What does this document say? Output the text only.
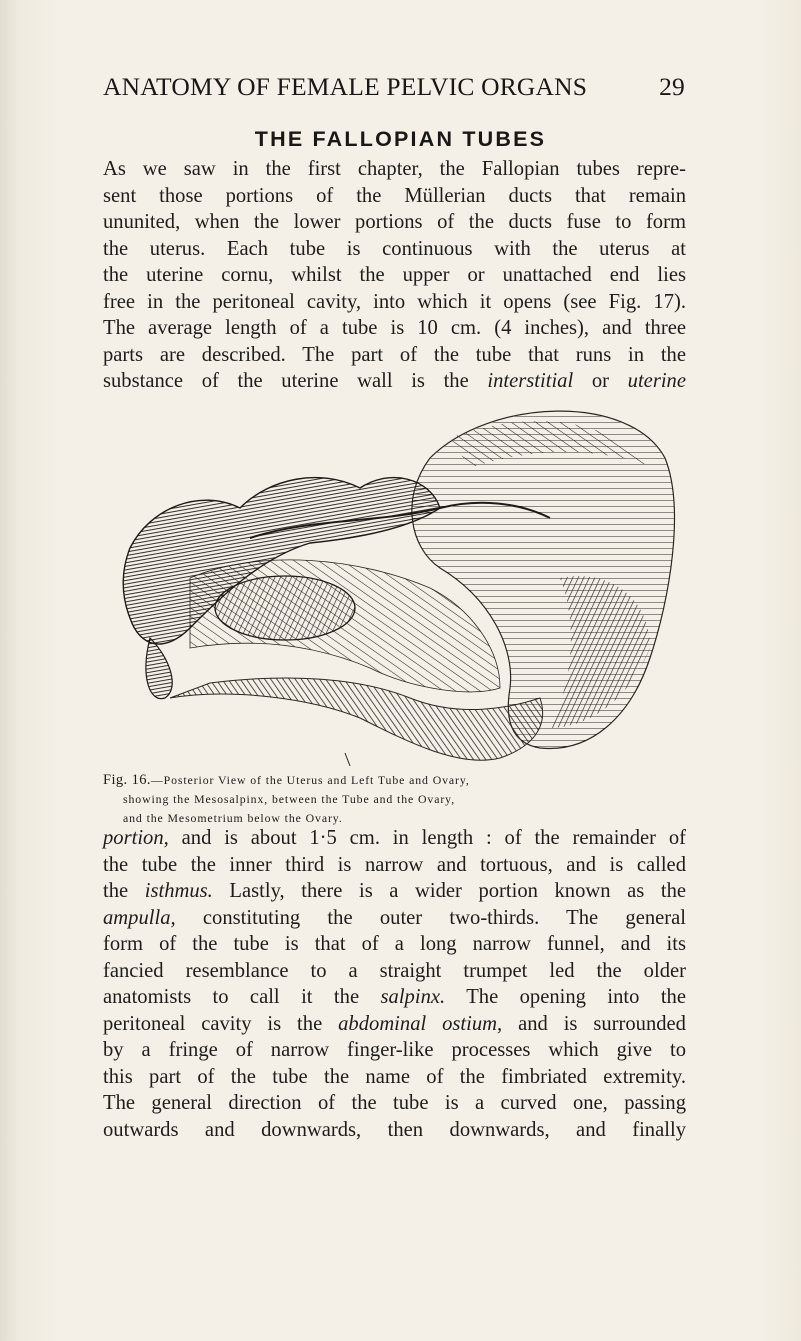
ANATOMY OF FEMALE PELVIC ORGANS	29
THE FALLOPIAN TUBES
As we saw in the first chapter, the Fallopian tubes repre-
sent those portions of the Müllerian ducts that remain
ununited, when the lower portions of the ducts fuse to form
the uterus. Each tube is continuous with the uterus at
the uterine cornu, whilst the upper or unattached end lies
free in the peritoneal cavity, into which it opens (see Fig. 17).
The average length of a tube is 10 cm. (4 inches), and three
parts are described. The part of the tube that runs in the
substance of the uterine wall is the interstitial or uterine
Fig. 16.—Posterior View of the Uterus and Left Tube and Ovary,
showing the Mesosalpinx, between the Tube and the Ovary,
and the Mesometrium below the Ovary.
portion, and is about 1·5 cm. in length : of the remainder of
the tube the inner third is narrow and tortuous, and is called
the isthmus. Lastly, there is a wider portion known as the
ampulla, constituting the outer two-thirds. The general
form of the tube is that of a long narrow funnel, and its
fancied resemblance to a straight trumpet led the older
anatomists to call it the salpinx. The opening into the
peritoneal cavity is the abdominal ostium, and is surrounded
by a fringe of narrow finger-like processes which give to
this part of the tube the name of the fimbriated extremity.
The general direction of the tube is a curved one, passing
outwards and downwards, then downwards, and finally
